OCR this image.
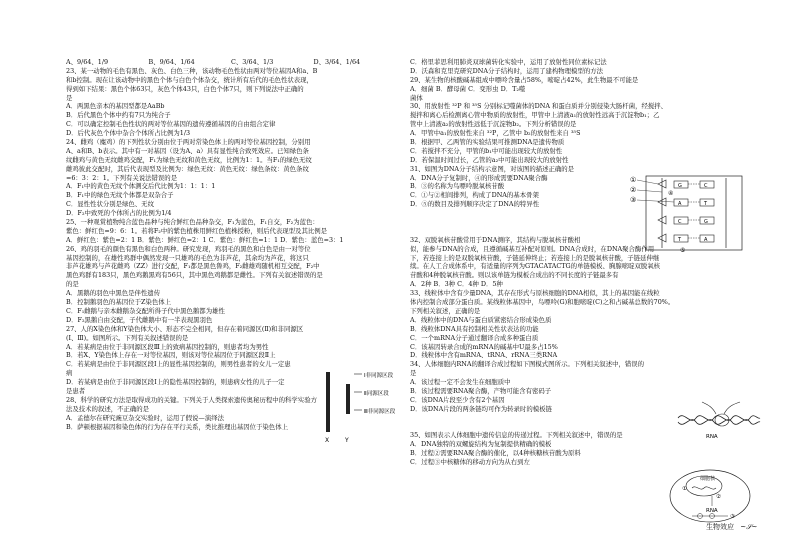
A、9/64、1/9	B、9/64、1/64	C、3/64、1/3	D、3/64、1/64
23、某一动物的毛色有黑色、灰色、白色三种，该动物毛色性状由两对等位基因A和a、B
和b控制。现在让该动物中的黑色个体与白色个体杂交，统计所有后代的毛色性状表现，
得到如下结果：黑色个体63只，灰色个体43只，白色个体7只，则下列说法中正确的
是
A．两黑色亲本的基因型都是AaBb
B．后代黑色个体中约有7只为纯合子
C．可以确定控制毛色性状的两对等位基因的遗传遵循基因的自由组合定律
D．后代灰色个体中杂合个体所占比例为1/3
24、雌鸡（麋鸡）的下列性状分别由位于两对常染色体上的两对等位基因控制，分别用
A、a和B、b表示。其中有一对基因（设为A、a）具有显性纯合致死效应。已知绿色条
纹雌鸡与黄色无纹雌鸡交配，F₁为绿色无纹和黄色无纹，比例为1：1。当F₁的绿色无纹
雌鸡彼此交配时，其后代表现型及比例为：绿色无纹：黄色无纹：绿色条纹：黄色条纹
=6：3：2：1。下列有关说法错误的是
A．F₁中的黄色无纹个体测交后代比例为1：1：1：1
B．F₁中的绿色无纹个体都是双杂合子
C．显性性状分别是绿色、无纹
D．F₂中致死的个体所占的比例为1/4
25、一种观赏植物纯合蓝色品种与纯合鲜红色品种杂交，F₁为蓝色，F₁自交，F₂为蓝色：
紫色：鲜红色=9：6：1。若将F₂中的紫色植株用鲜红色植株授粉，则后代表现型及其比例是
A．鲜红色：紫色=2：1 B．紫色：鲜红色=2：1 C．紫色：鲜红色=1：1 D．紫色：蓝色=3：1
26、鸡的羽毛的颜色有黑色和白色两种。研究发现，鸡羽毛的黑色和白色是由一对等位
基因控制的，在雄性鸡群中偶然发现一只雄鸡的毛色为非芦花，其余均为芦花，将这只
非芦花雄鸡与芦花雌鸡（ZZ）进行交配，F₁都是黑色鲁鸡，F₂雌雄鸡随机相互交配，F₂中
黑色鸡群有183只，黑色鸡鹅黑鸡有56只，其中黑色鸡鹅都是雌性。下列有关叙述错误的是
的是
A．黑鹅的羽色中黑色是伴性遗传
B．控制鹅羽色的基因位于Z染色体上
C．F₁雌鹅与亲本雌鹅杂交配所得子代中黑色鹅都为雄性
D．F₂黑鹅自由交配，子代雌鹅中有一半表现黑羽色
27、人的X染色体和Y染色体大小、形态不完全相同，但存在着同源区(Ⅱ)和非同源区
(Ⅰ、Ⅲ)。如图所示。下列有关叙述错误的是
A．若某病是由位于非同源区段Ⅲ上的致病基因控制的，则患者均为男性
B．若X、Y染色体上存在一对等位基因，则该对等位基因位于同源区段Ⅱ上
C．若某病是由位于非同源区段Ⅰ上的显性基因控制的，则男性患者的女儿一定患
病
D．若某病是由位于非同源区段Ⅰ上的隐性基因控制的，则患病女性的儿子一定
是患者
28、科学的研究方法是取得成功的关键。下列关于人类探索遗传奥秘历程中的科学实验方
法及技术的叙述，不正确的是
A．孟德尔在研究豌豆杂交实验时，运用了假说—演绎法
B．萨顿根据基因和染色体的行为存在平行关系，类比推理出基因位于染色体上
Ⅰ非同源区段
Ⅱ同源区段
Ⅲ非同源区段
X	Y
C．格里菲思利用肺炎双球菌转化实验中，运用了放射性同位素标记法
D．沃森和克里克研究DNA分子结构时，运用了建构物理模型的方法
29、某生物的核酸碱基组成中嘌呤含量占58%，嘧啶占42%，此生物最不可能是
A．细菌 B．酵母菌 C．变形虫 D．T₂噬
菌体
30、用放射性 ³²P 和 ³⁵S 分别标记噬菌体的DNA 和蛋白质并分别侵染大肠杆菌，经搅拌、
搅拌和离心后检测离心管中物质的放射性，甲管中上清液a₁的放射性远高于沉淀物b₁；乙
管中上清液a₂的放射性远低于沉淀物b₂。下列分析错误的是
A．甲管中a₁的放射性来自 ³²P，乙管中 b₂的放射性来自 ³⁵S
B．根据甲、乙两管的实验结果可推测DNA是遗传物质
C．若搅拌不充分，甲管的b₁中可能出现较大的放射性
D．若保温时间过长，乙管的a₂中可能出现较大的放射性
31、如图为DNA分子结构示意图，对该图的描述正确的是
A．DNA分子复制时，④的形成需要DNA聚合酶
B．③的名称为鸟嘌呤脱氧核苷酸
C．①与②相间排列，构成了DNA的基本骨架
D．⑤的数目及排列顺序决定了DNA的特异性
32、双脱氧核苷酸常用于DNA测序，其结构与脱氧核苷酸相
似，能参与DNA的合成，且遵循碱基互补配对原则。DNA合成时，在DNA聚合酶作用
下，若连接上的是双脱氧核苷酸，子链延伸终止；若连接上的是脱氧核苷酸，子链延伸继
续。在人工合成体系中，有适量的序列为GTACATACTG的单链模板、胸腺嘧啶双脱氧核
苷酸和4种脱氧核苷酸。则以该单链为模板合成出的不同长度的子链最多有
A．2种 B．3种 C．4种 D．5种
33、线粒体中含有少量DNA，其存在形式与原核细胞的DNA相似，其上的基因能在线粒
体内控制合成部分蛋白质。某线粒体基因中，鸟嘌呤(G)和胞嘧啶(C)之和占碱基总数的70%。
下列相关叙述，正确的是
A．线粒体中的DNA与蛋白质紧密结合形成染色质
B．线粒体DNA具有控制相关性状表达的功能
C．一个mRNA分子通过翻译合成多种蛋白质
C．该基因转录合成的mRNA的碱基中U最多占15%
D．线粒体中含有mRNA、tRNA、rRNA三类RNA
34、人体细胞内RNA的翻译合成过程如下图模式图所示。下列相关叙述中，错误的
是
A．该过程一定不会发生在细胞质中
B．该过程需要RNA聚合酶，产物可能含有密码子
C．该DNA片段至少含有2个基因
D．该DNA片段的两条链均可作为转录时的模板链
35、如图表示人体细胞中遗传信息的传递过程。下列相关叙述中，错误的是
A．DNA独特的双螺旋结构为复制提供精确的模板
B．过程②需要RNA聚合酶的催化，以4种核糖核苷酸为原料
C．过程③中核糖体的移动方向为从右到左
G	C
A	T
C	G
T	A
①
②
③
④
⑤
RNA
细胞核
①
②
RNA
③
生物效应 ~𝒮~
